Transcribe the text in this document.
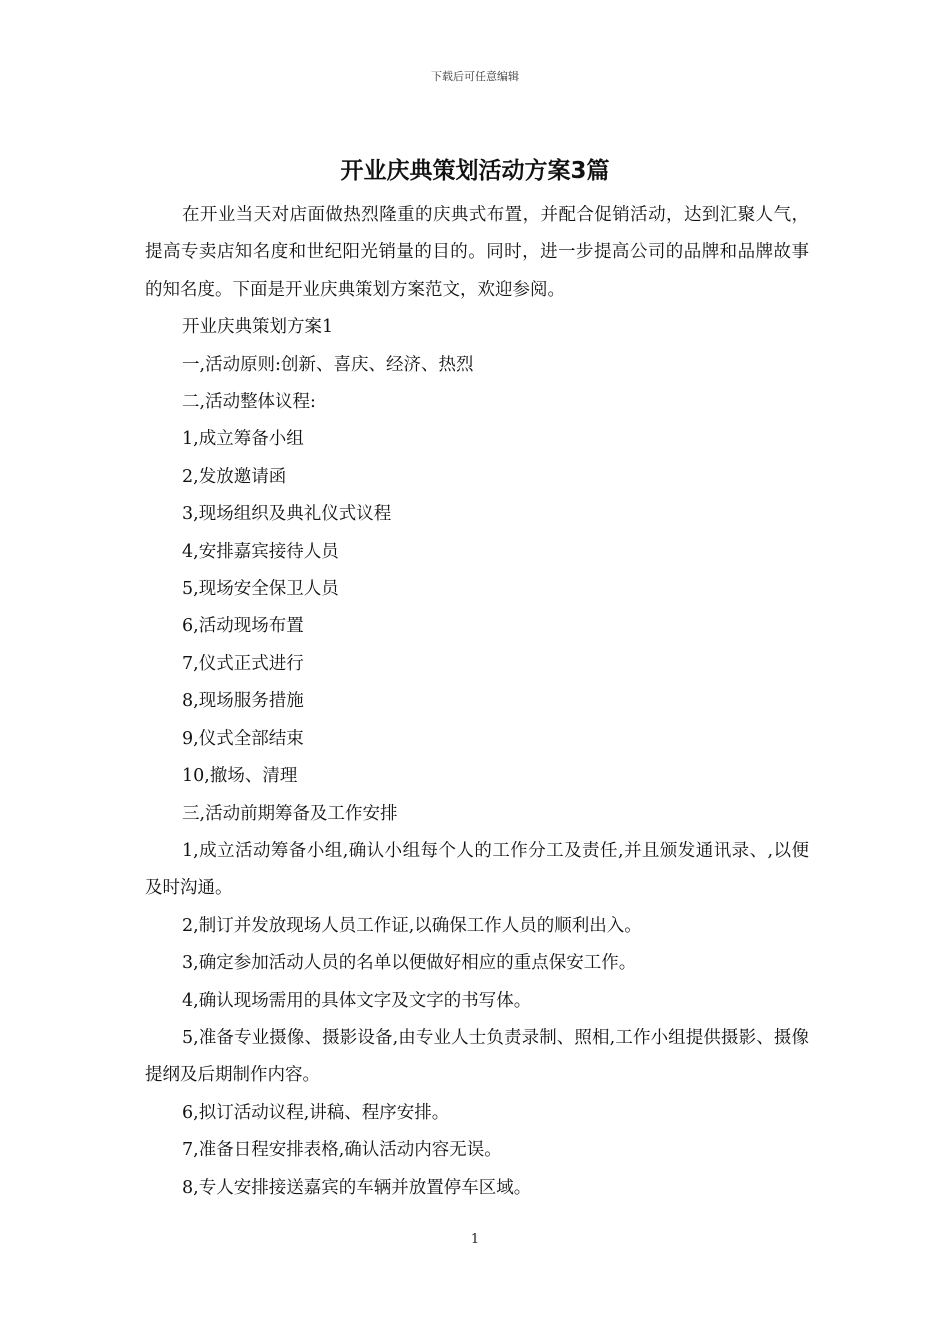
下载后可任意编辑
开业庆典策划活动方案3篇

在开业当天对店面做热烈隆重的庆典式布置，并配合促销活动，达到汇聚人气，提高专卖店知名度和世纪阳光销量的目的。同时，进一步提高公司的品牌和品牌故事的知名度。下面是开业庆典策划方案范文，欢迎参阅。

开业庆典策划方案1

一,活动原则:创新、喜庆、经济、热烈

二,活动整体议程:

1,成立筹备小组

2,发放邀请函

3,现场组织及典礼仪式议程

4,安排嘉宾接待人员

5,现场安全保卫人员

6,活动现场布置

7,仪式正式进行

8,现场服务措施

9,仪式全部结束

10,撤场、清理

三,活动前期筹备及工作安排

1,成立活动筹备小组,确认小组每个人的工作分工及责任,并且颁发通讯录、,以便及时沟通。

2,制订并发放现场人员工作证,以确保工作人员的顺利出入。

3,确定参加活动人员的名单以便做好相应的重点保安工作。

4,确认现场需用的具体文字及文字的书写体。

5,准备专业摄像、摄影设备,由专业人士负责录制、照相,工作小组提供摄影、摄像提纲及后期制作内容。

6,拟订活动议程,讲稿、程序安排。

7,准备日程安排表格,确认活动内容无误。

8,专人安排接送嘉宾的车辆并放置停车区域。

1
